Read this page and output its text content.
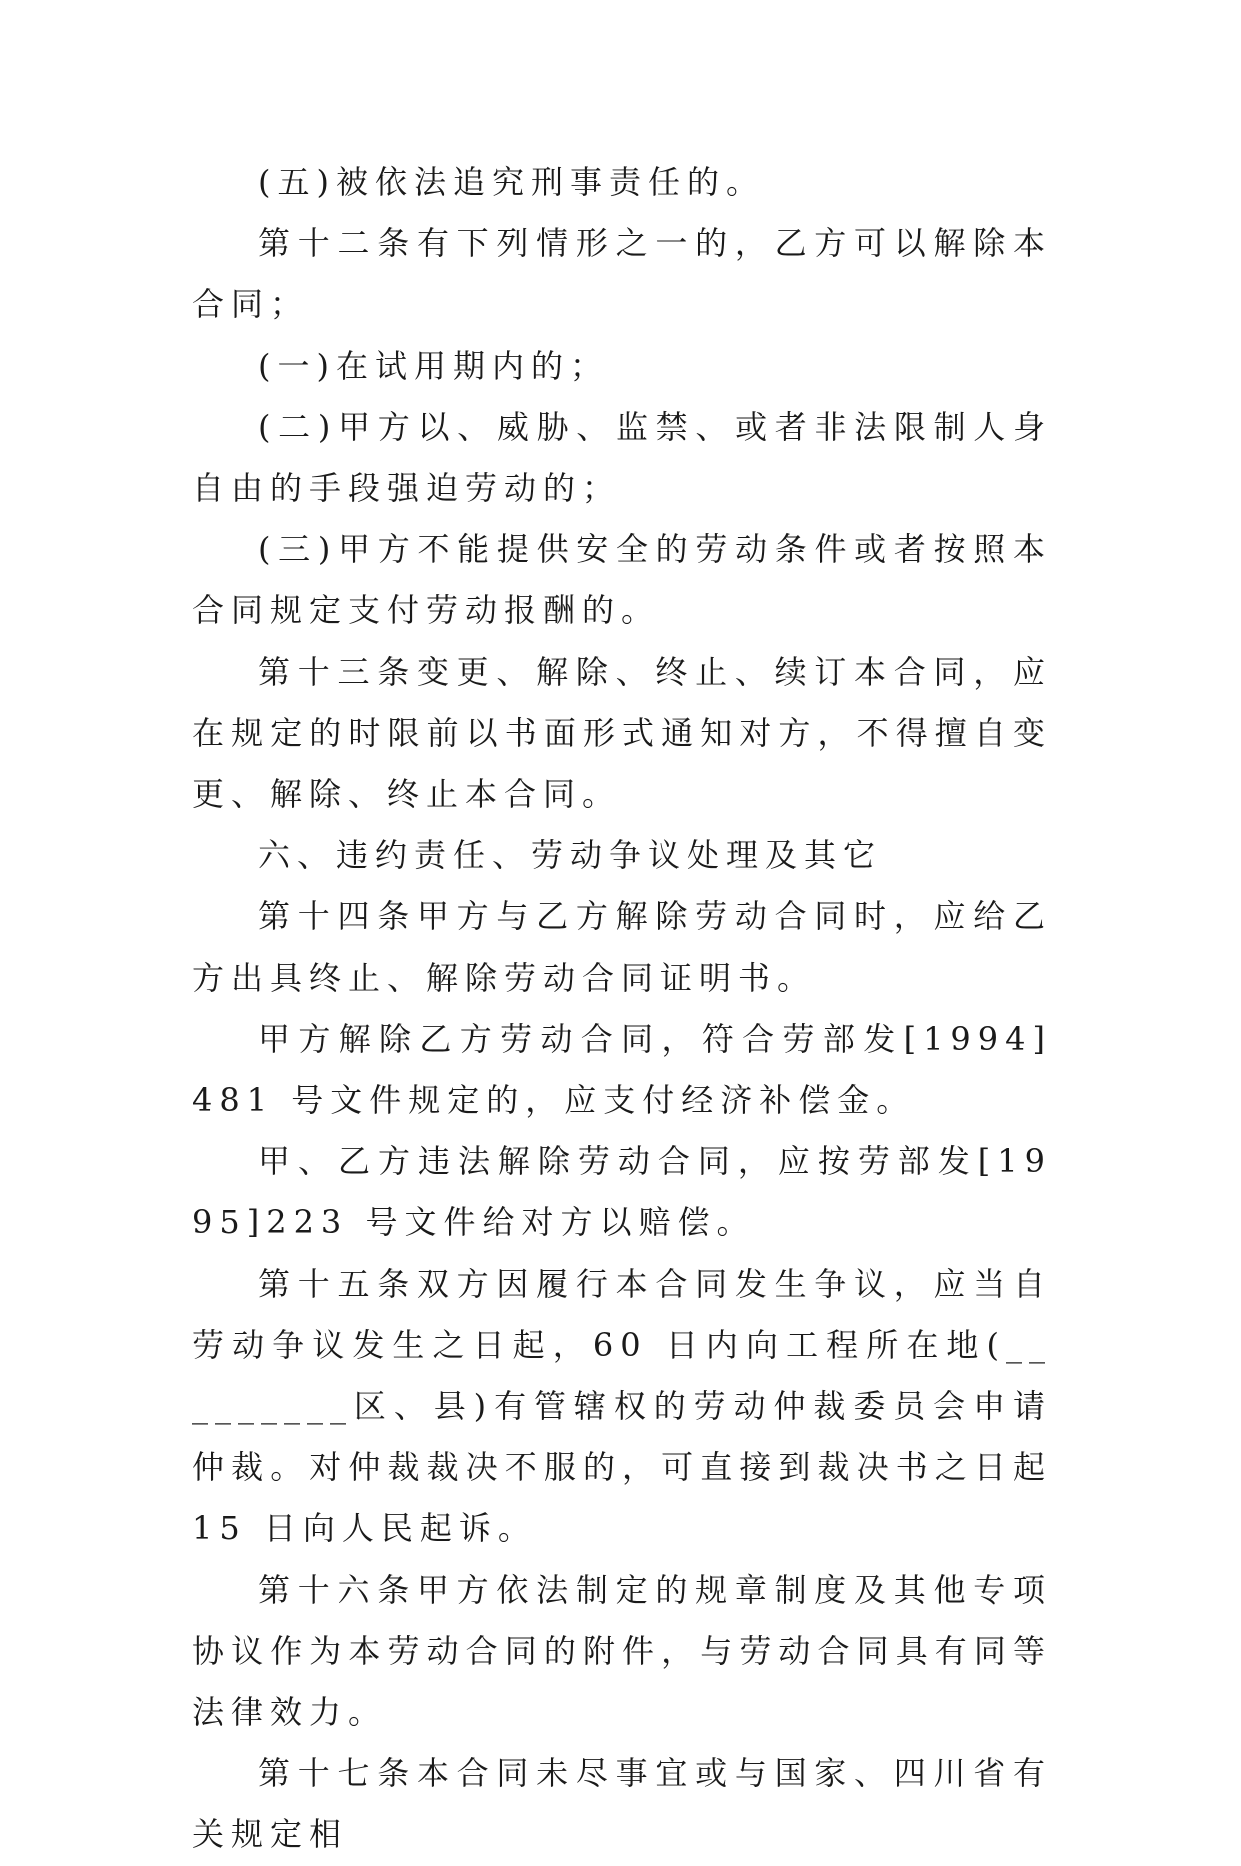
(五)被依法追究刑事责任的。

第十二条有下列情形之一的，乙方可以解除本合同；

(一)在试用期内的；

(二)甲方以、威胁、监禁、或者非法限制人身自由的手段强迫劳动的；

(三)甲方不能提供安全的劳动条件或者按照本合同规定支付劳动报酬的。

第十三条变更、解除、终止、续订本合同，应在规定的时限前以书面形式通知对方，不得擅自变更、解除、终止本合同。

六、违约责任、劳动争议处理及其它

第十四条甲方与乙方解除劳动合同时，应给乙方出具终止、解除劳动合同证明书。

甲方解除乙方劳动合同，符合劳部发[1994]481 号文件规定的，应支付经济补偿金。

甲、乙方违法解除劳动合同，应按劳部发[1995]223 号文件给对方以赔偿。

第十五条双方因履行本合同发生争议，应当自劳动争议发生之日起，60 日内向工程所在地(_________区、县)有管辖权的劳动仲裁委员会申请仲裁。对仲裁裁决不服的，可直接到裁决书之日起 15 日向人民起诉。

第十六条甲方依法制定的规章制度及其他专项协议作为本劳动合同的附件，与劳动合同具有同等法律效力。

第十七条本合同未尽事宜或与国家、四川省有关规定相
